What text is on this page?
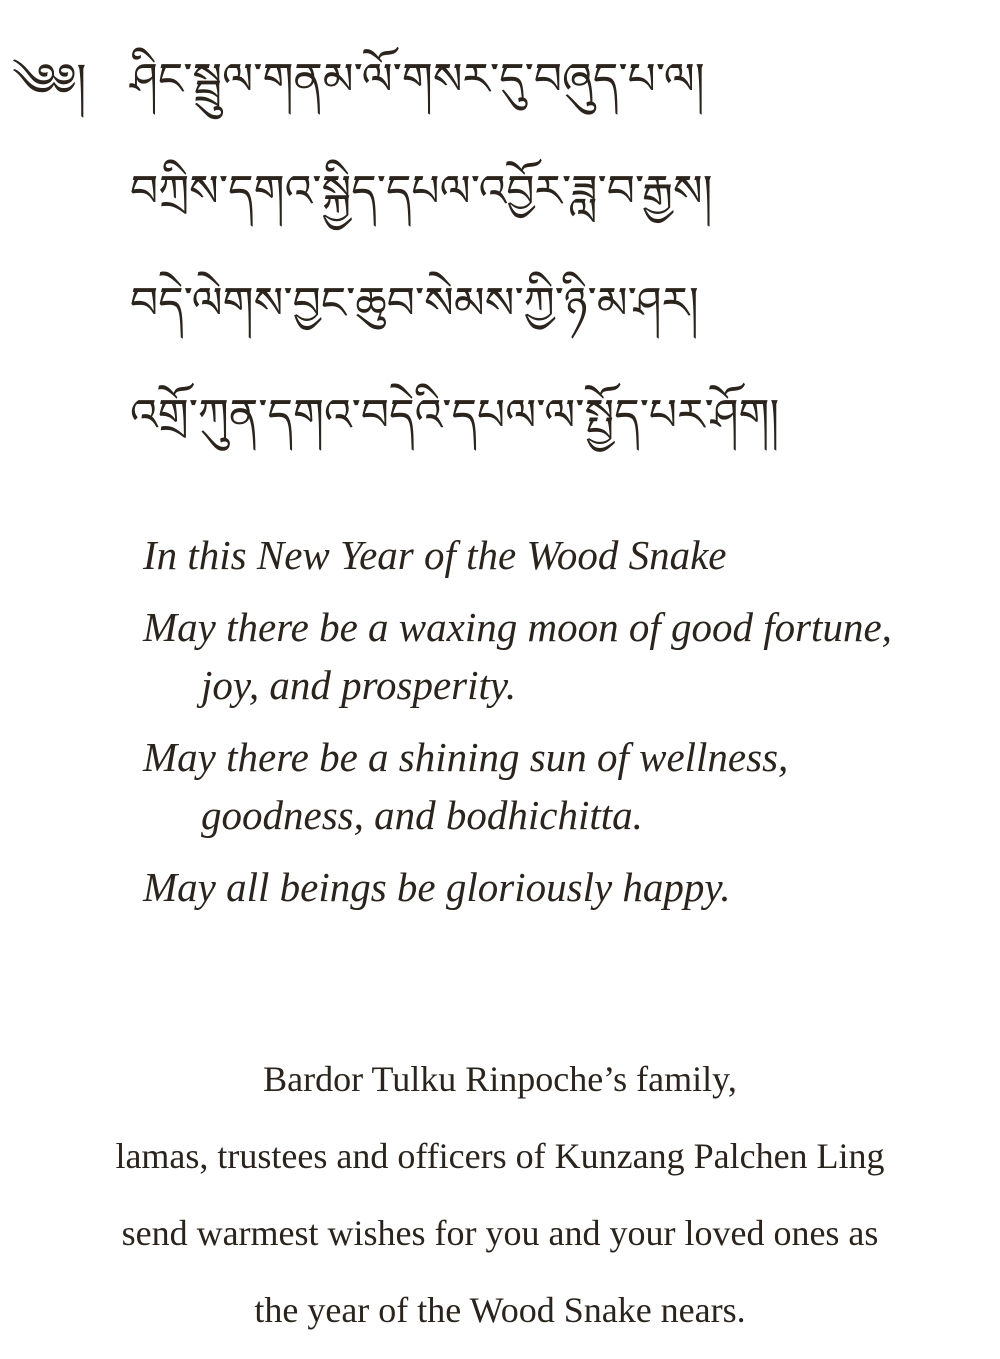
༄༅། ཤིང་སྦྲུལ་གནམ་ལོ་གསར་དུ་བཞུད་པ་ལ།
བཀྲིས་དགའ་སྐྱིད་དཔལ་འབྱོར་ཟླ་བ་རྒྱས།
བདེ་ལེགས་བྱང་ཆུབ་སེམས་ཀྱི་ཉི་མ་ཤར།
འགྲོ་ཀུན་དགའ་བདེའི་དཔལ་ལ་སྤྱོད་པར་ཤོག།
In this New Year of the Wood Snake
May there be a waxing moon of good fortune,
joy, and prosperity.
May there be a shining sun of wellness,
goodness, and bodhichitta.
May all beings be gloriously happy.
Bardor Tulku Rinpoche’s family,
lamas, trustees and officers of Kunzang Palchen Ling
send warmest wishes for you and your loved ones as
the year of the Wood Snake nears.
